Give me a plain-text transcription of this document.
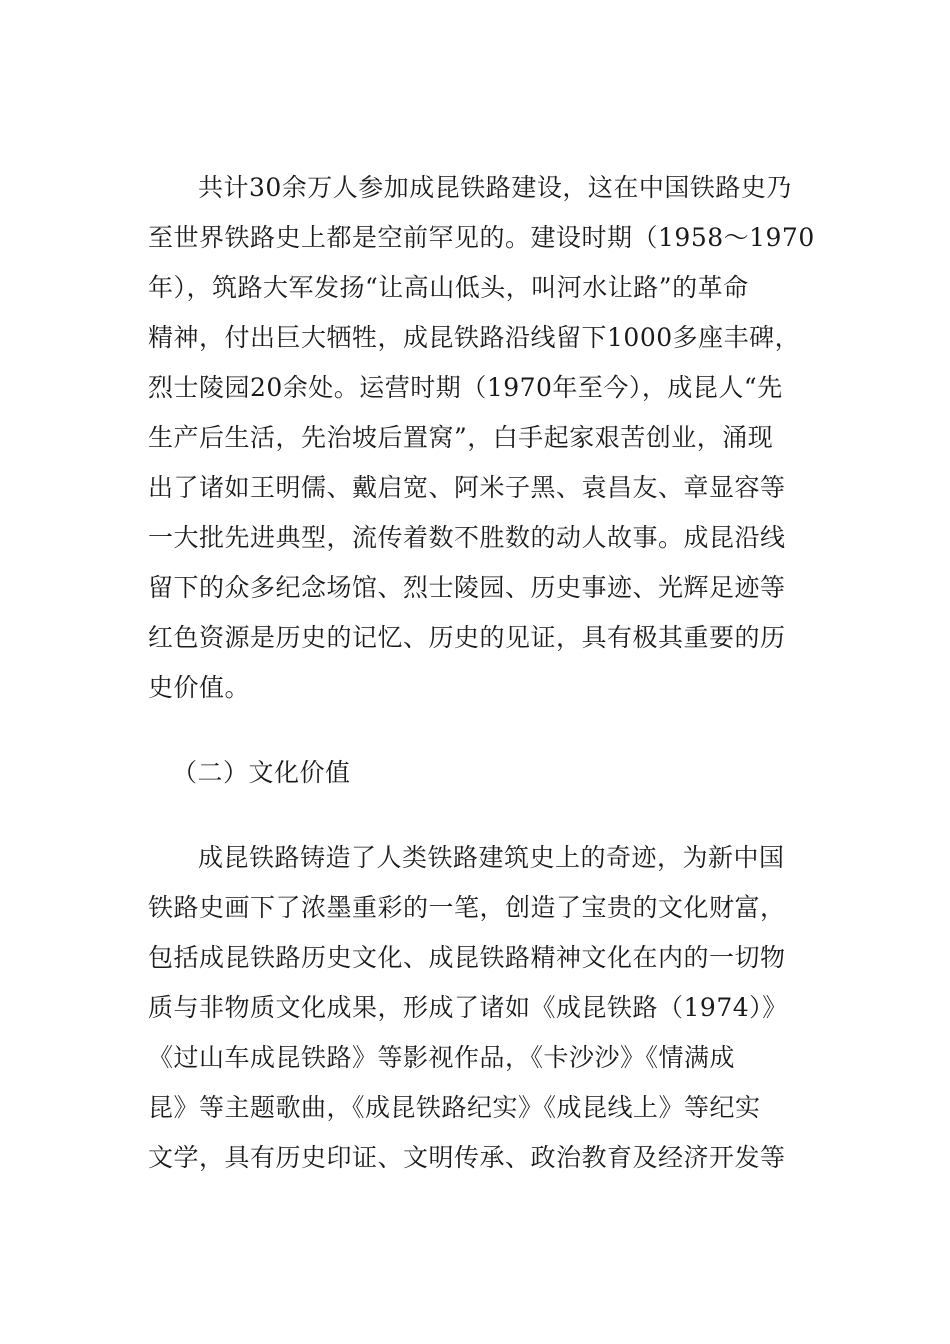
共计30余万人参加成昆铁路建设，这在中国铁路史乃
至世界铁路史上都是空前罕见的。建设时期（1958～1970
年），筑路大军发扬“让高山低头，叫河水让路”的革命
精神，付出巨大牺牲，成昆铁路沿线留下1000多座丰碑，
烈士陵园20余处。运营时期（1970年至今），成昆人“先
生产后生活，先治坡后置窝”，白手起家艰苦创业，涌现
出了诸如王明儒、戴启宽、阿米子黑、袁昌友、章显容等
一大批先进典型，流传着数不胜数的动人故事。成昆沿线
留下的众多纪念场馆、烈士陵园、历史事迹、光辉足迹等
红色资源是历史的记忆、历史的见证，具有极其重要的历
史价值。
（二）文化价值
成昆铁路铸造了人类铁路建筑史上的奇迹，为新中国
铁路史画下了浓墨重彩的一笔，创造了宝贵的文化财富，
包括成昆铁路历史文化、成昆铁路精神文化在内的一切物
质与非物质文化成果，形成了诸如《成昆铁路（1974）》
《过山车成昆铁路》等影视作品，《卡沙沙》《情满成
昆》等主题歌曲，《成昆铁路纪实》《成昆线上》等纪实
文学，具有历史印证、文明传承、政治教育及经济开发等
